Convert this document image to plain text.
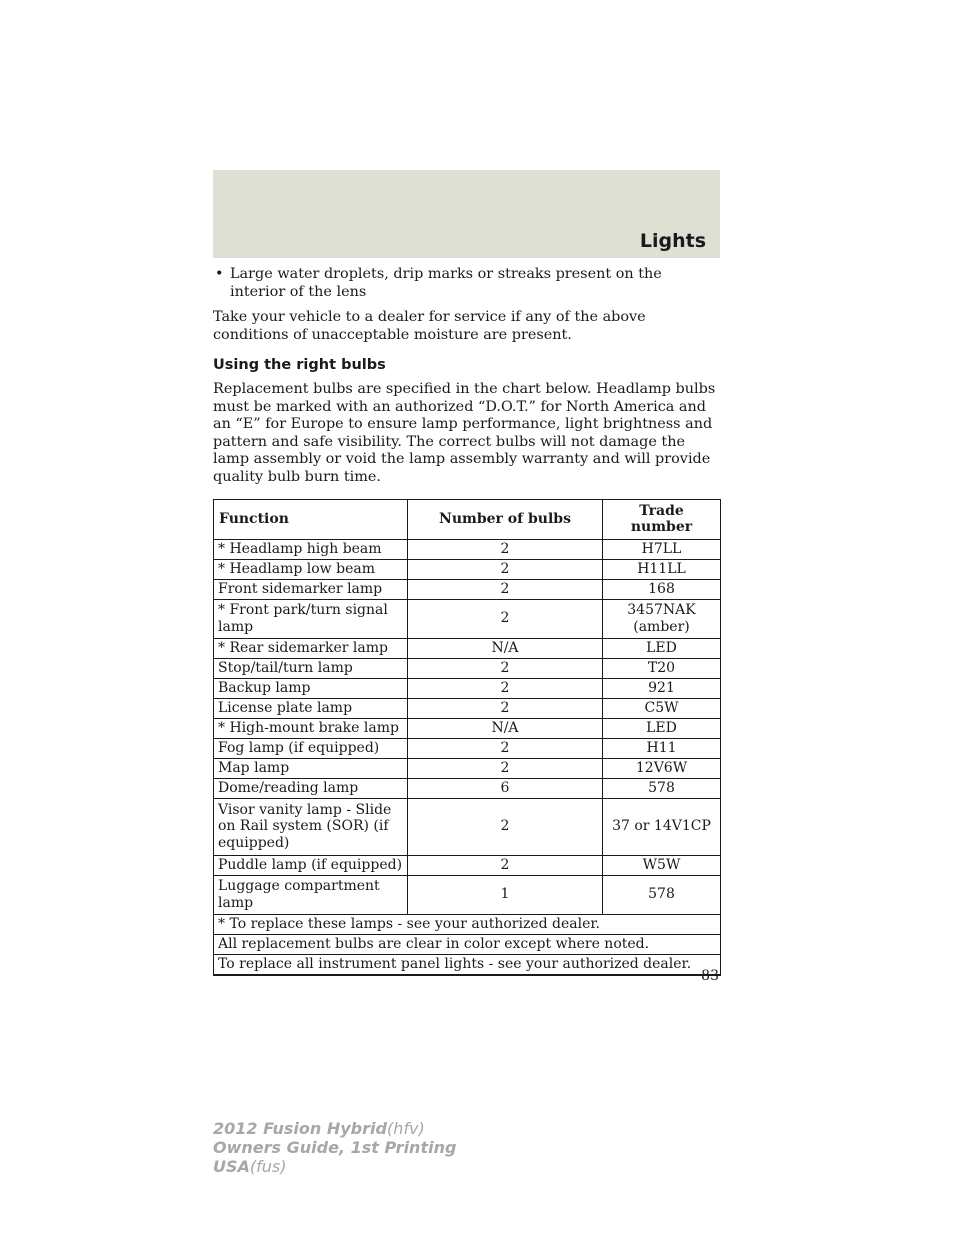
Lights
• Large water droplets, drip marks or streaks present on the interior of the lens

Take your vehicle to a dealer for service if any of the above conditions of unacceptable moisture are present.

Using the right bulbs

Replacement bulbs are specified in the chart below. Headlamp bulbs must be marked with an authorized “D.O.T.” for North America and an “E” for Europe to ensure lamp performance, light brightness and pattern and safe visibility. The correct bulbs will not damage the lamp assembly or void the lamp assembly warranty and will provide quality bulb burn time.

Function	Number of bulbs	Trade number
* Headlamp high beam	2	H7LL
* Headlamp low beam	2	H11LL
Front sidemarker lamp	2	168
* Front park/turn signal lamp	2	3457NAK (amber)
* Rear sidemarker lamp	N/A	LED
Stop/tail/turn lamp	2	T20
Backup lamp	2	921
License plate lamp	2	C5W
* High-mount brake lamp	N/A	LED
Fog lamp (if equipped)	2	H11
Map lamp	2	12V6W
Dome/reading lamp	6	578
Visor vanity lamp - Slide on Rail system (SOR) (if equipped)	2	37 or 14V1CP
Puddle lamp (if equipped)	2	W5W
Luggage compartment lamp	1	578
* To replace these lamps - see your authorized dealer.		
All replacement bulbs are clear in color except where noted.		
To replace all instrument panel lights - see your authorized dealer.		
83
2012 Fusion Hybrid(hfv)
Owners Guide, 1st Printing
USA(fus)
